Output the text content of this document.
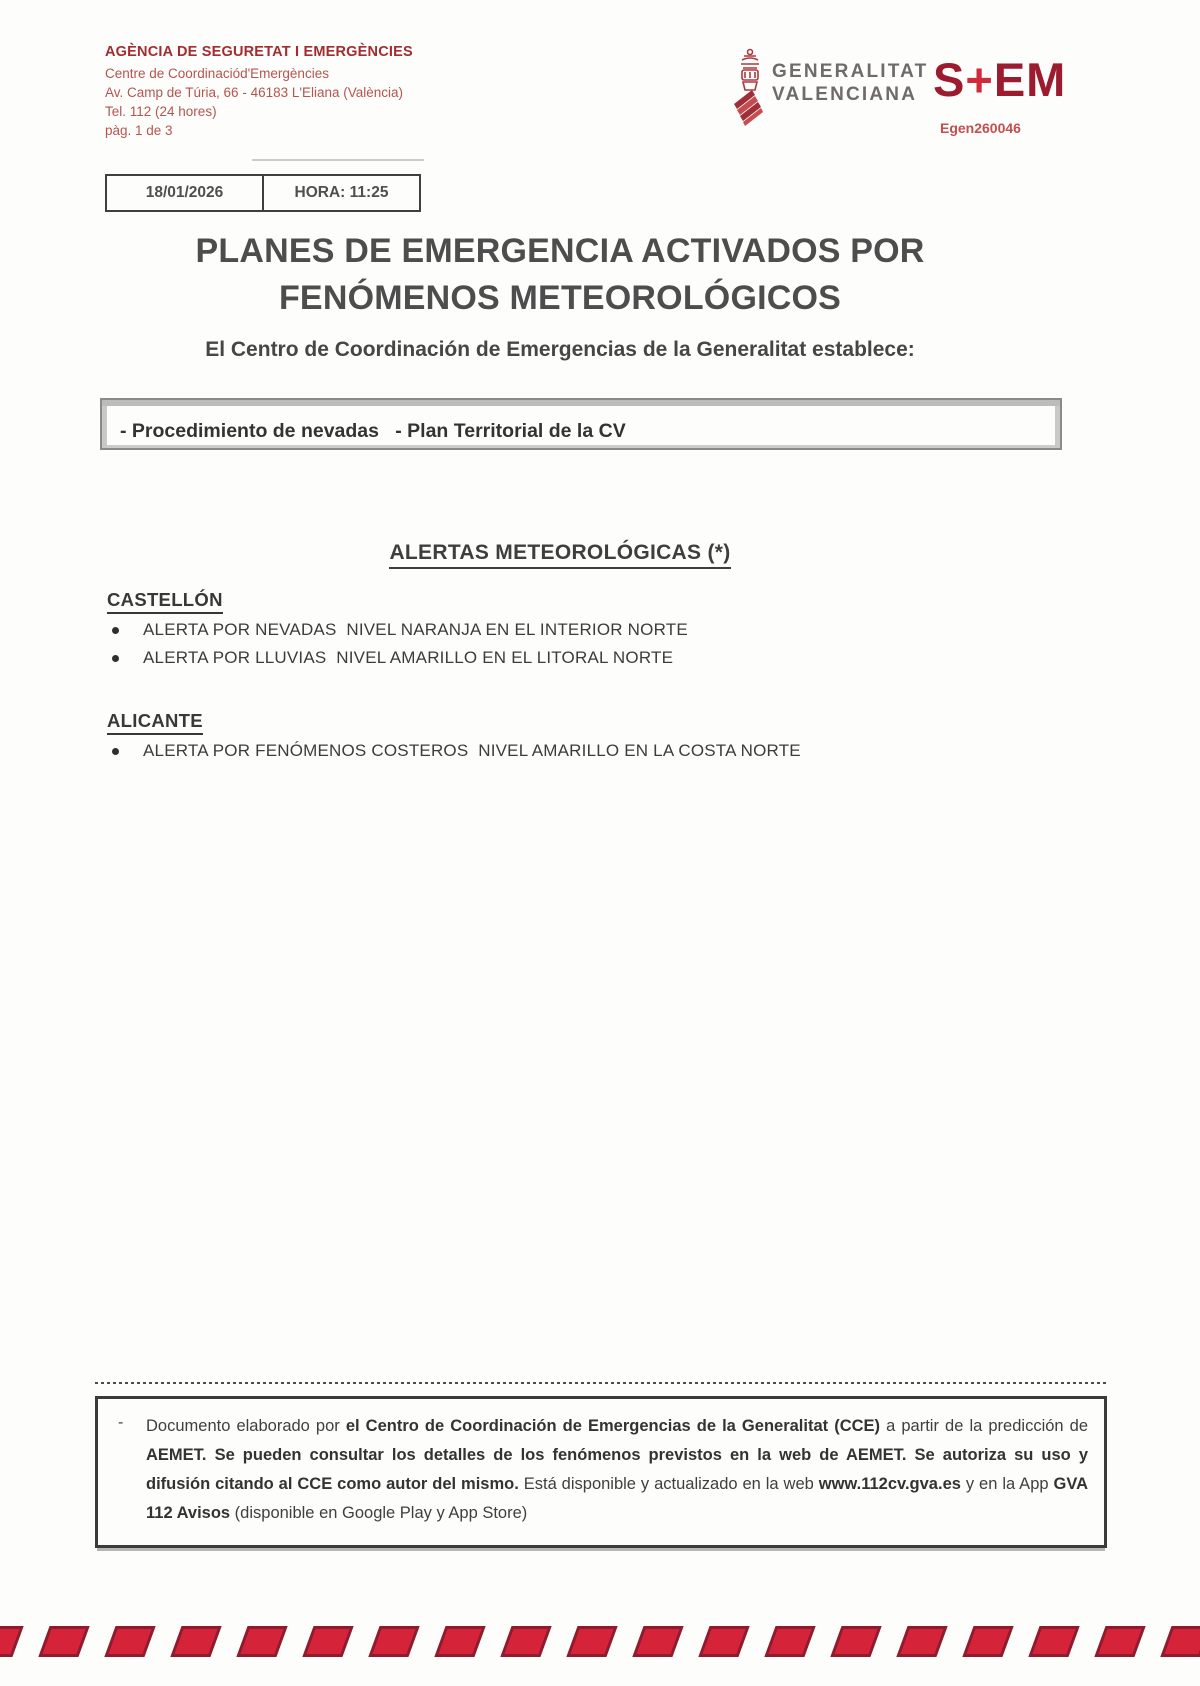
AGÈNCIA DE SEGURETAT I EMERGÈNCIES
Centre de Coordinaciód'Emergències
Av. Camp de Túria, 66 - 46183 L'Eliana (València)
Tel. 112 (24 hores)
pàg. 1 de 3
GENERALITAT
VALENCIANA S+EM
Egen260046
18/01/2026	HORA: 11:25
PLANES DE EMERGENCIA ACTIVADOS POR
FENÓMENOS METEOROLÓGICOS
El Centro de Coordinación de Emergencias de la Generalitat establece:
- Procedimiento de nevadas   - Plan Territorial de la CV
ALERTAS METEOROLÓGICAS (*)
CASTELLÓN
ALERTA POR NEVADAS  NIVEL NARANJA EN EL INTERIOR NORTE
ALERTA POR LLUVIAS  NIVEL AMARILLO EN EL LITORAL NORTE
ALICANTE
ALERTA POR FENÓMENOS COSTEROS  NIVEL AMARILLO EN LA COSTA NORTE
- Documento elaborado por el Centro de Coordinación de Emergencias de la Generalitat (CCE) a partir de la predicción de AEMET. Se pueden consultar los detalles de los fenómenos previstos en la web de AEMET. Se autoriza su uso y difusión citando al CCE como autor del mismo. Está disponible y actualizado en la web www.112cv.gva.es y en la App GVA 112 Avisos (disponible en Google Play y App Store)
